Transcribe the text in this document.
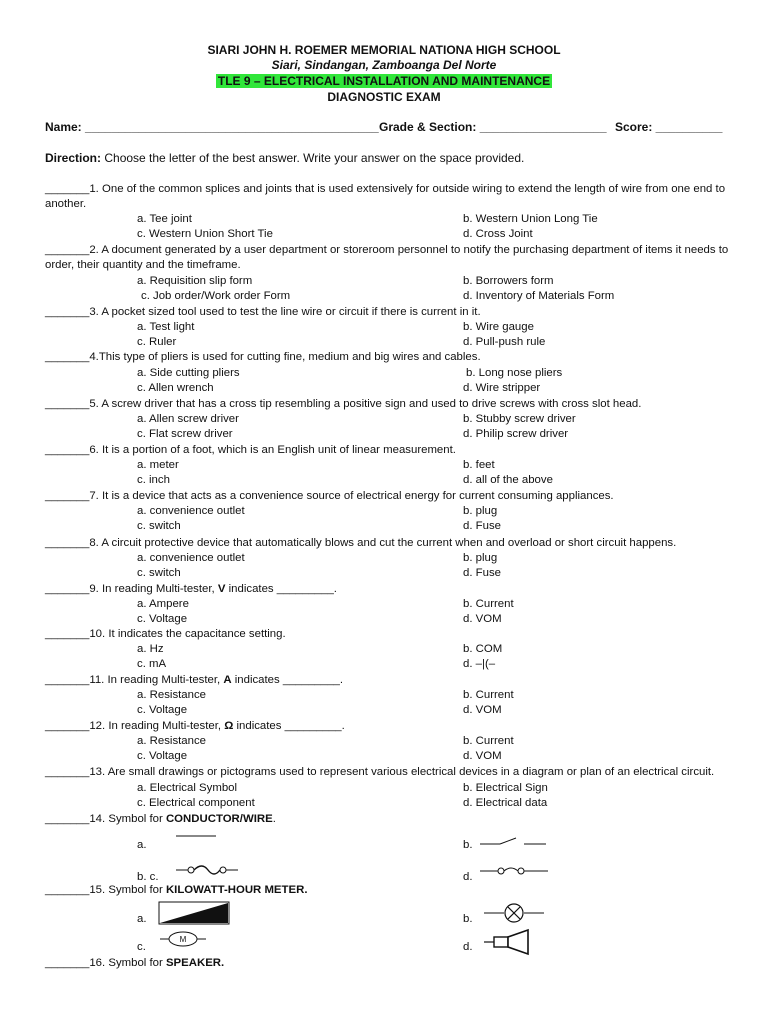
SIARI JOHN H. ROEMER MEMORIAL NATIONA HIGH SCHOOL
Siari, Sindangan, Zamboanga Del Norte
TLE 9 – ELECTRICAL INSTALLATION AND MAINTENANCE
DIAGNOSTIC EXAM
Name: ____________________________________________ Grade & Section: ___________________ Score: __________
Direction: Choose the letter of the best answer. Write your answer on the space provided.
_______1. One of the common splices and joints that is used extensively for outside wiring to extend the length of wire from one end to another.
a. Tee joint	b. Western Union Long Tie
c. Western Union Short Tie	d. Cross Joint
_______2. A document generated by a user department or storeroom personnel to notify the purchasing department of items it needs to order, their quantity and the timeframe.
a. Requisition slip form	b. Borrowers form
c. Job order/Work order Form	d. Inventory of Materials Form
_______3. A pocket sized tool used to test the line wire or circuit if there is current in it.
a. Test light	b. Wire gauge
c. Ruler	d. Pull-push rule
_______4.This type of pliers is used for cutting fine, medium and big wires and cables.
a. Side cutting pliers	b. Long nose pliers
c. Allen wrench	d. Wire stripper
_______5. A screw driver that has a cross tip resembling a positive sign and used to drive screws with cross slot head.
a. Allen screw driver	b. Stubby screw driver
c. Flat screw driver	d. Philip screw driver
_______6. It is a portion of a foot, which is an English unit of linear measurement.
a. meter	b. feet
c. inch	d. all of the above
_______7. It is a device that acts as a convenience source of electrical energy for current consuming appliances.
a. convenience outlet	b. plug
c. switch	d. Fuse
_______8. A circuit protective device that automatically blows and cut the current when and overload or short circuit happens.
a. convenience outlet	b. plug
c. switch	d. Fuse
_______9. In reading Multi-tester, V indicates _________.
a. Ampere	b. Current
c. Voltage	d. VOM
_______10. It indicates the capacitance setting.
a. Hz	b. COM
c. mA	d. –|(–
_______11. In reading Multi-tester, A indicates _________.
a. Resistance	b. Current
c. Voltage	d. VOM
_______12. In reading Multi-tester, Ω indicates _________.
a. Resistance	b. Current
c. Voltage	d. VOM
_______13. Are small drawings or pictograms used to represent various electrical devices in a diagram or plan of an electrical circuit.
a. Electrical Symbol	b. Electrical Sign
c. Electrical component	d. Electrical data
_______14. Symbol for CONDUCTOR/WIRE.
a.	b.
b. c.	d.
_______15. Symbol for KILOWATT-HOUR METER.
a.	b.
c.	d.
_______16. Symbol for SPEAKER.
M
